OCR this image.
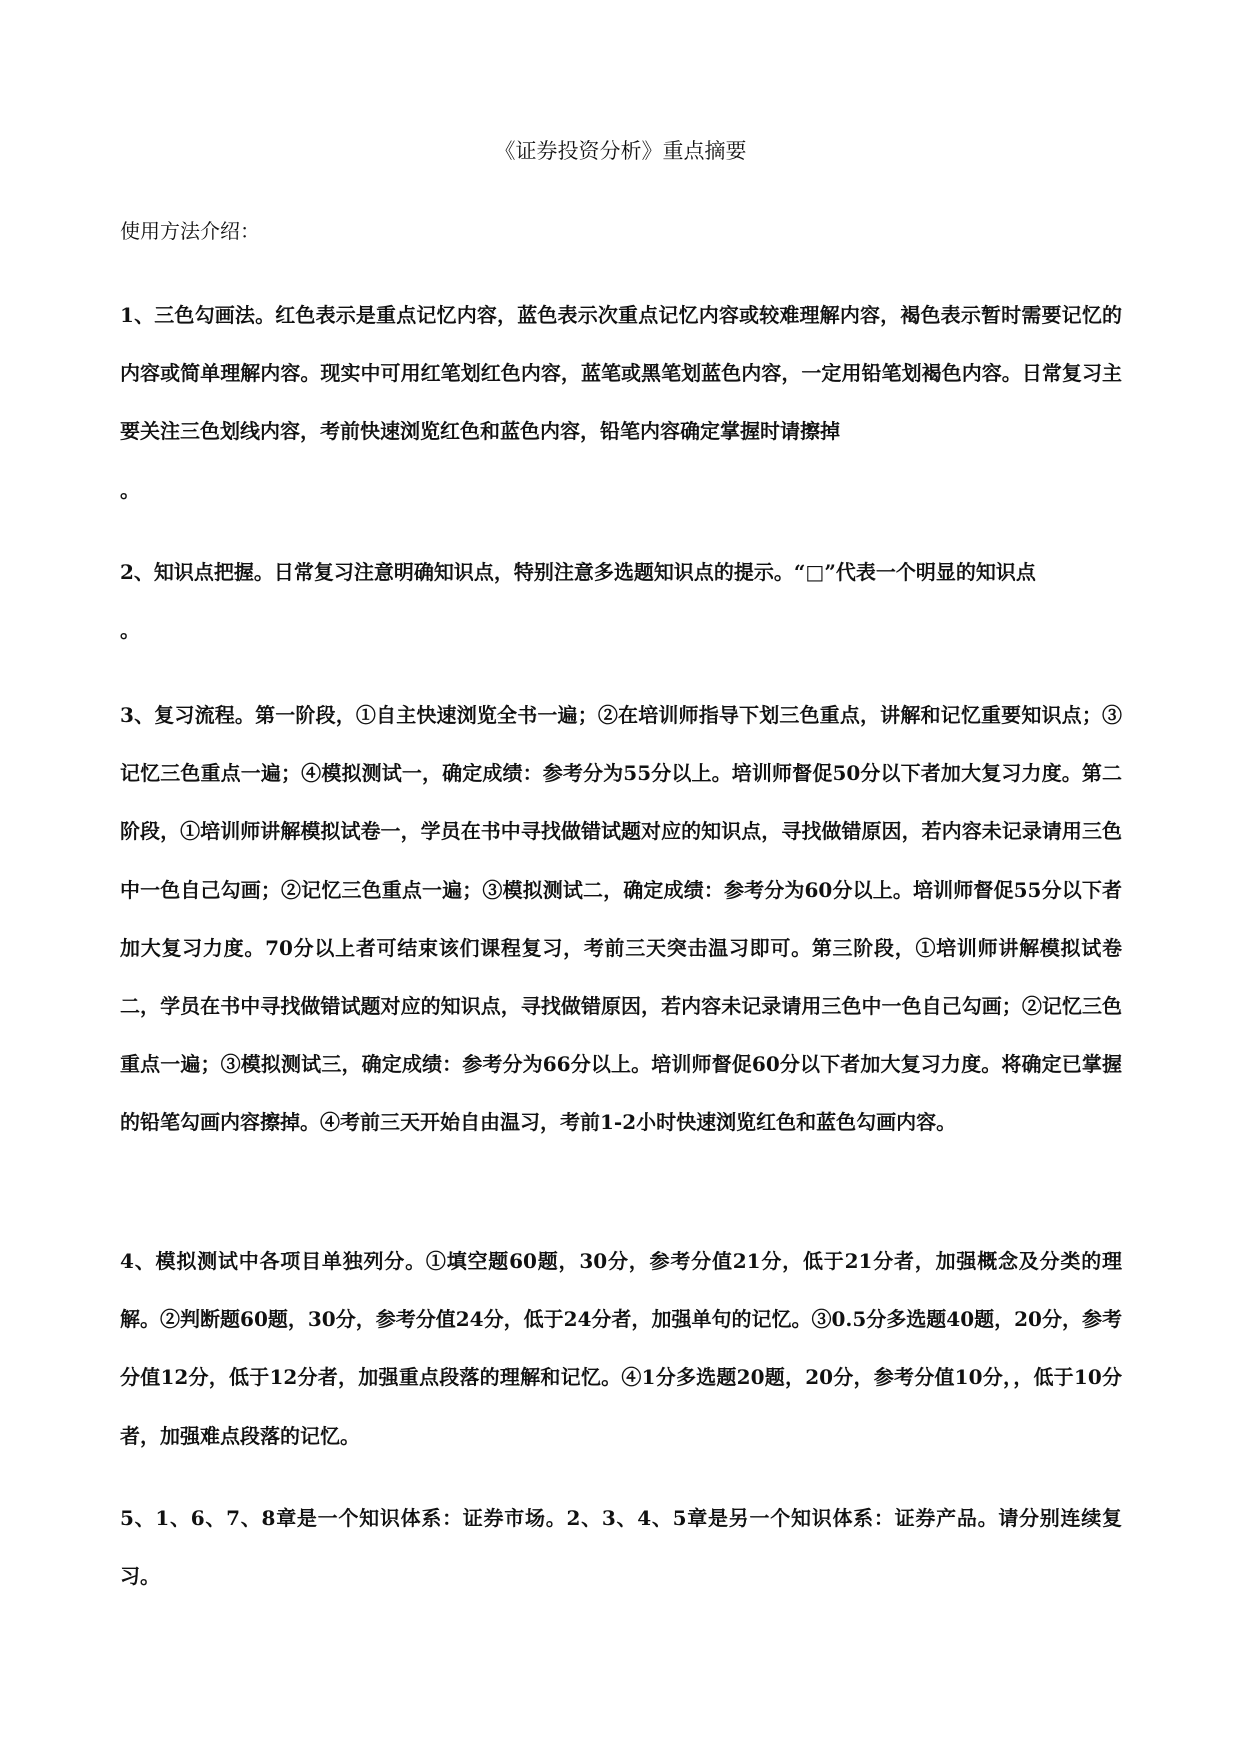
《证券投资分析》重点摘要
使用方法介绍：

1、三色勾画法。红色表示是重点记忆内容，蓝色表示次重点记忆内容或较难理解内容，褐色表示暂时需要记忆的内容或简单理解内容。现实中可用红笔划红色内容，蓝笔或黑笔划蓝色内容，一定用铅笔划褐色内容。日常复习主要关注三色划线内容，考前快速浏览红色和蓝色内容，铅笔内容确定掌握时请擦掉
。

2、知识点把握。日常复习注意明确知识点，特别注意多选题知识点的提示。“□”代表一个明显的知识点
。

3、复习流程。第一阶段，①自主快速浏览全书一遍；②在培训师指导下划三色重点，讲解和记忆重要知识点；③记忆三色重点一遍；④模拟测试一，确定成绩：参考分为55分以上。培训师督促50分以下者加大复习力度。第二阶段，①培训师讲解模拟试卷一，学员在书中寻找做错试题对应的知识点，寻找做错原因，若内容未记录请用三色中一色自己勾画；②记忆三色重点一遍；③模拟测试二，确定成绩：参考分为60分以上。培训师督促55分以下者加大复习力度。70分以上者可结束该们课程复习，考前三天突击温习即可。第三阶段，①培训师讲解模拟试卷二，学员在书中寻找做错试题对应的知识点，寻找做错原因，若内容未记录请用三色中一色自己勾画；②记忆三色重点一遍；③模拟测试三，确定成绩：参考分为66分以上。培训师督促60分以下者加大复习力度。将确定已掌握的铅笔勾画内容擦掉。④考前三天开始自由温习，考前1-2小时快速浏览红色和蓝色勾画内容。

4、模拟测试中各项目单独列分。①填空题60题，30分，参考分值21分，低于21分者，加强概念及分类的理解。②判断题60题，30分，参考分值24分，低于24分者，加强单句的记忆。③0.5分多选题40题，20分，参考分值12分，低于12分者，加强重点段落的理解和记忆。④1分多选题20题，20分，参考分值10分，，低于10分者，加强难点段落的记忆。

5、1、6、7、8章是一个知识体系：证券市场。2、3、4、5章是另一个知识体系：证券产品。请分别连续复习。
